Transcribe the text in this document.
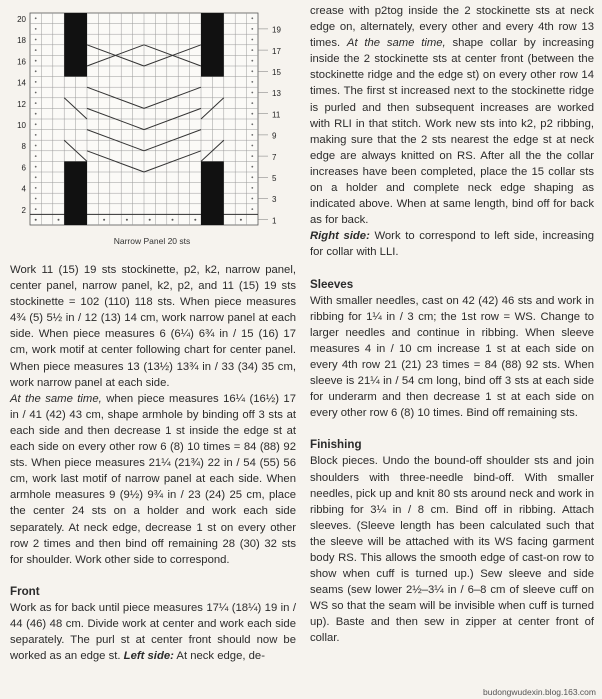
20
18
16
14
12
10
8
6
4
2
19
17
15
13
11
9
7
5
3
1
Narrow Panel 20 sts

Work 11 (15) 19 sts stockinette, p2, k2, narrow panel, center panel, narrow panel, k2, p2, and 11 (15) 19 sts stockinette = 102 (110) 118 sts. When piece measures 4¾ (5) 5½ in / 12 (13) 14 cm, work narrow panel at each side. When piece measures 6 (6¼) 6¾ in / 15 (16) 17 cm, work motif at center following chart for center panel. When piece measures 13 (13½) 13¾ in / 33 (34) 35 cm, work narrow panel at each side.

At the same time, when piece measures 16¼ (16½) 17 in / 41 (42) 43 cm, shape armhole by binding off 3 sts at each side and then decrease 1 st inside the edge st at each side on every other row 6 (8) 10 times = 84 (88) 92 sts. When piece measures 21¼ (21¾) 22 in / 54 (55) 56 cm, work last motif of narrow panel at each side. When armhole measures 9 (9½) 9¾ in / 23 (24) 25 cm, place the center 24 sts on a holder and work each side separately. At neck edge, decrease 1 st on every other row 2 times and then bind off remaining 28 (30) 32 sts for shoulder. Work other side to correspond.

Front

Work as for back until piece measures 17¼ (18¼) 19 in / 44 (46) 48 cm. Divide work at center and work each side separately. The purl st at center front should now be worked as an edge st. Left side: At neck edge, de-

crease with p2tog inside the 2 stockinette sts at neck edge on, alternately, every other and every 4th row 13 times. At the same time, shape collar by increasing inside the 2 stockinette sts at center front (between the stockinette ridge and the edge st) on every other row 14 times. The first st increased next to the stockinette ridge is purled and then subsequent increases are worked with RLI in that stitch. Work new sts into k2, p2 ribbing, making sure that the 2 sts nearest the edge st at neck edge are always knitted on RS. After all the the collar increases have been completed, place the 15 collar sts on a holder and complete neck edge shaping as indicated above. When at same length, bind off for back as for back.

Right side: Work to correspond to left side, increasing for collar with LLI.

Sleeves

With smaller needles, cast on 42 (42) 46 sts and work in ribbing for 1¼ in / 3 cm; the 1st row = WS. Change to larger needles and continue in ribbing. When sleeve measures 4 in / 10 cm increase 1 st at each side on every 4th row 21 (21) 23 times = 84 (88) 92 sts. When sleeve is 21¼ in / 54 cm long, bind off 3 sts at each side for underarm and then decrease 1 st at each side on every other row 6 (8) 10 times. Bind off remaining sts.

Finishing

Block pieces. Undo the bound-off shoulder sts and join shoulders with three-needle bind-off. With smaller needles, pick up and knit 80 sts around neck and work in ribbing for 3¼ in / 8 cm. Bind off in ribbing. Attach sleeves. (Sleeve length has been calculated such that the sleeve will be attached with its WS facing garment body RS. This allows the smooth edge of cast-on row to show when cuff is turned up.) Sew sleeve and side seams (sew lower 2½–3¼ in / 6–8 cm of sleeve cuff on WS so that the seam will be invisible when cuff is turned up). Baste and then sew in zipper at center front of collar.

budongwudexin.blog.163.com
